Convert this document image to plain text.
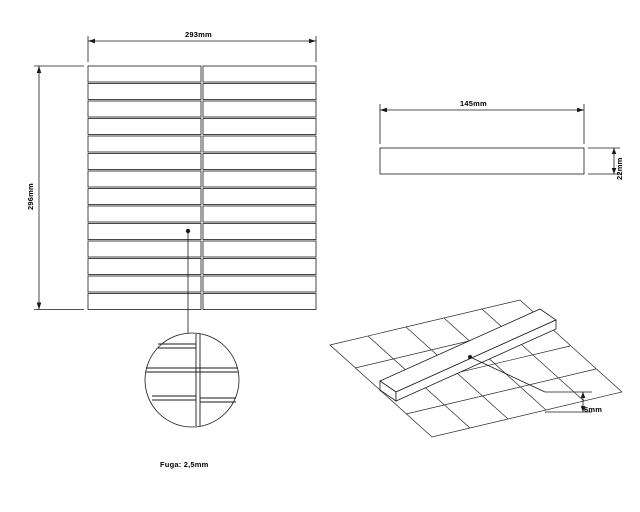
293mm
296mm
145mm
22mm
6mm
Fuga: 2,5mm
